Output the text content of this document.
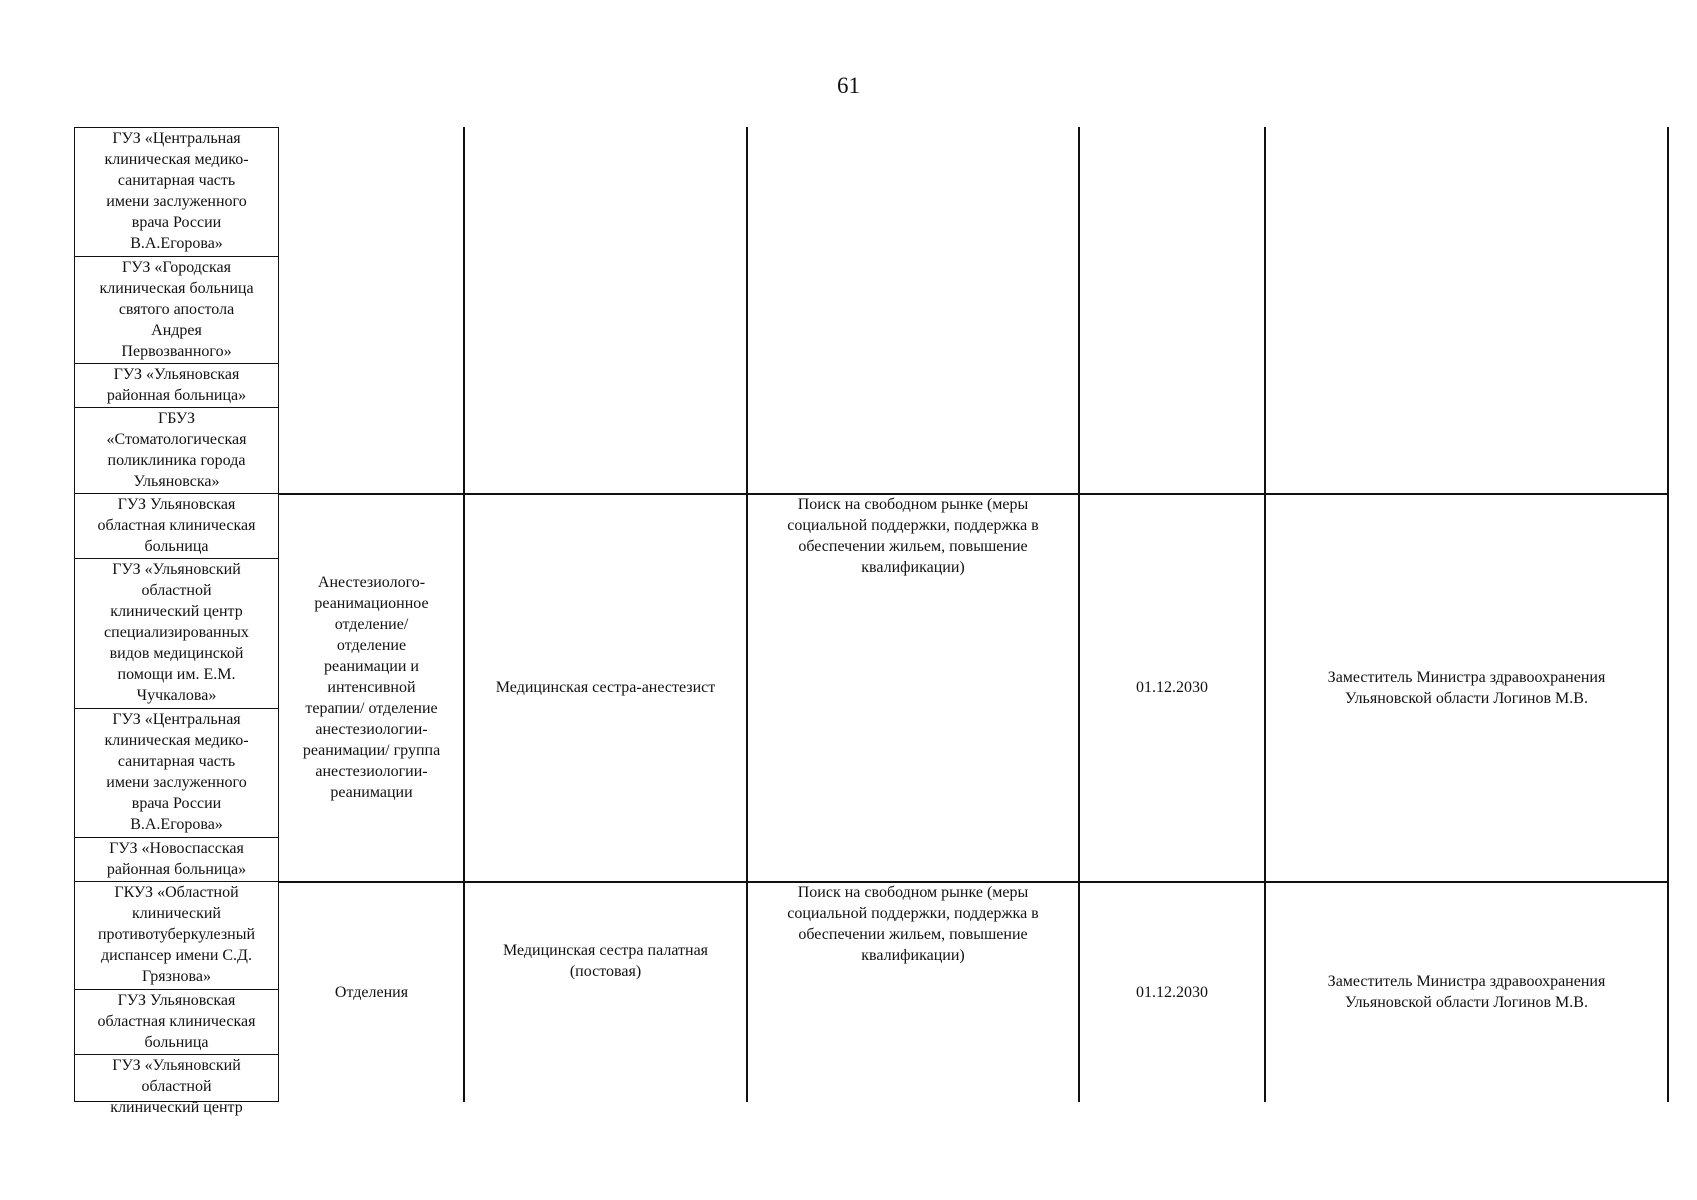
61
ГУЗ «Центральная
клиническая медико-
санитарная часть
имени заслуженного
врача России
В.А.Егорова»
ГУЗ «Городская
клиническая больница
святого апостола
Андрея
Первозванного»
ГУЗ «Ульяновская
районная больница»
ГБУЗ
«Стоматологическая
поликлиника города
Ульяновска»
ГУЗ Ульяновская
областная клиническая
больница
ГУЗ «Ульяновский
областной
клинический центр
специализированных
видов медицинской
помощи им. Е.М.
Чучкалова»
ГУЗ «Центральная
клиническая медико-
санитарная часть
имени заслуженного
врача России
В.А.Егорова»
ГУЗ «Новоспасская
районная больница»
ГКУЗ «Областной
клинический
противотуберкулезный
диспансер имени С.Д.
Грязнова»
ГУЗ Ульяновская
областная клиническая
больница
ГУЗ «Ульяновский
областной
клинический центр
Анестезиолого-
реанимационное
отделение/
отделение
реанимации и
интенсивной
терапии/ отделение
анестезиологии-
реанимации/ группа
анестезиологии-
реанимации
Медицинская сестра-анестезист
Поиск на свободном рынке (меры
социальной поддержки, поддержка в
обеспечении жильем, повышение
квалификации)
01.12.2030
Заместитель Министра здравоохранения
Ульяновской области Логинов М.В.
Отделения
Медицинская сестра палатная
(постовая)
Поиск на свободном рынке (меры
социальной поддержки, поддержка в
обеспечении жильем, повышение
квалификации)
01.12.2030
Заместитель Министра здравоохранения
Ульяновской области Логинов М.В.
